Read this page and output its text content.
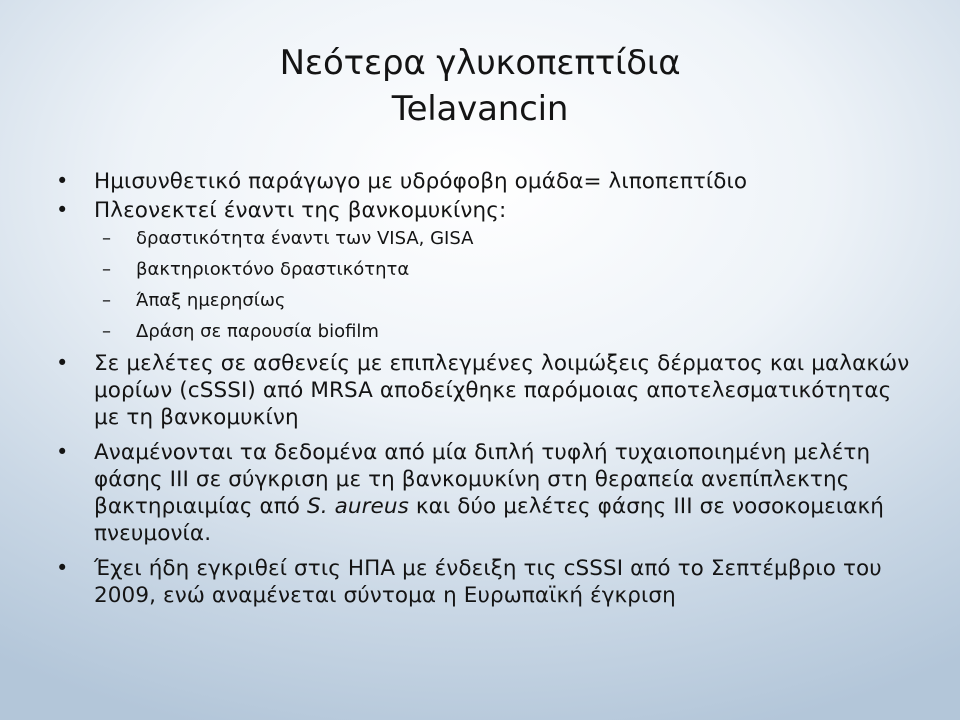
Νεότερα γλυκοπεπτίδια
Telavancin
• Ημισυνθετικό παράγωγο με υδρόφοβη ομάδα= λιποπεπτίδιο
• Πλεονεκτεί έναντι της βανκομυκίνης:
– δραστικότητα έναντι των VISA, GISA
– βακτηριοκτόνο δραστικότητα
– Άπαξ ημερησίως
– Δράση σε παρουσία biofilm
• Σε μελέτες σε ασθενείς με επιπλεγμένες λοιμώξεις δέρματος και μαλακών μορίων (cSSSI) από MRSA αποδείχθηκε παρόμοιας αποτελεσματικότητας με τη βανκομυκίνη
• Αναμένονται τα δεδομένα από μία διπλή τυφλή τυχαιοποιημένη μελέτη φάσης ΙΙΙ σε σύγκριση με τη βανκομυκίνη στη θεραπεία ανεπίπλεκτης βακτηριαιμίας από S. aureus και δύο μελέτες φάσης ΙΙΙ σε νοσοκομειακή πνευμονία.
• Έχει ήδη εγκριθεί στις ΗΠΑ με ένδειξη τις cSSSI από το Σεπτέμβριο του 2009, ενώ αναμένεται σύντομα η Ευρωπαϊκή έγκριση
